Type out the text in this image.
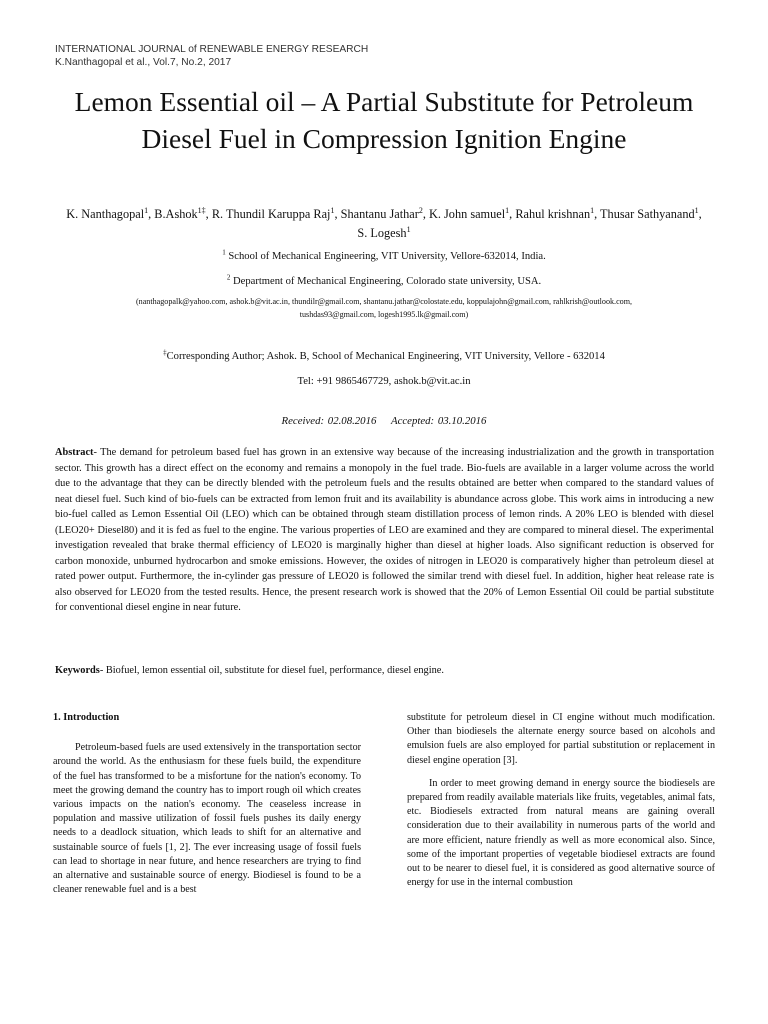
INTERNATIONAL JOURNAL of RENEWABLE ENERGY RESEARCH
K.Nanthagopal et al., Vol.7, No.2, 2017
Lemon Essential oil – A Partial Substitute for Petroleum Diesel Fuel in Compression Ignition Engine
K. Nanthagopal$^1$, B.Ashok$^{1\ddagger}$, R. Thundil Karuppa Raj$^1$, Shantanu Jathar$^2$, K. John samuel$^1$, Rahul krishnan$^1$, Thusar Sathyanand$^1$, S. Logesh$^1$
$^1$ School of Mechanical Engineering, VIT University, Vellore-632014, India.
$^2$ Department of Mechanical Engineering, Colorado state university, USA.
(nanthagopalk@yahoo.com, ashok.b@vit.ac.in, thundilr@gmail.com, shantanu.jathar@colostate.edu, koppulajohn@gmail.com, rahlkrish@outlook.com,
tushdas93@gmail.com, logesh1995.lk@gmail.com)
‡Corresponding Author; Ashok. B, School of Mechanical Engineering, VIT University, Vellore - 632014
Tel: +91 9865467729, ashok.b@vit.ac.in
Received: 02.08.2016 Accepted: 03.10.2016

Abstract- The demand for petroleum based fuel has grown in an extensive way because of the increasing industrialization and the growth in transportation sector. This growth has a direct effect on the economy and remains a monopoly in the fuel trade. Bio-fuels are available in a larger volume across the world due to the advantage that they can be directly blended with the petroleum fuels and the results obtained are better when compared to the standard values of neat diesel fuel. Such kind of bio-fuels can be extracted from lemon fruit and its availability is abundance across globe. This work aims in introducing a new bio-fuel called as Lemon Essential Oil (LEO) which can be obtained through steam distillation process of lemon rinds. A 20% LEO is blended with diesel (LEO20+ Diesel80) and it is fed as fuel to the engine. The various properties of LEO are examined and they are compared to mineral diesel. The experimental investigation revealed that brake thermal efficiency of LEO20 is marginally higher than diesel at higher loads. Also significant reduction is observed for carbon monoxide, unburned hydrocarbon and smoke emissions. However, the oxides of nitrogen in LEO20 is comparatively higher than petroleum diesel at rated power output. Furthermore, the in-cylinder gas pressure of LEO20 is followed the similar trend with diesel fuel. In addition, higher heat release rate is also observed for LEO20 from the tested results. Hence, the present research work is showed that the 20% of Lemon Essential Oil could be partial substitute for conventional diesel engine in near future.

Keywords- Biofuel, lemon essential oil, substitute for diesel fuel, performance, diesel engine.

1. Introduction

Petroleum-based fuels are used extensively in the transportation sector around the world. As the enthusiasm for these fuels build, the expenditure of the fuel has transformed to be a misfortune for the nation's economy. To meet the growing demand the country has to import rough oil which creates various impacts on the nation's economy. The ceaseless increase in population and massive utilization of fossil fuels pushes its daily energy needs to a deadlock situation, which leads to shift for an alternative and sustainable source of fuels [1, 2]. The ever increasing usage of fossil fuels can lead to shortage in near future, and hence researchers are trying to find an alternative and sustainable source of energy. Biodiesel is found to be a cleaner renewable fuel and is a best

substitute for petroleum diesel in CI engine without much modification. Other than biodiesels the alternate energy source based on alcohols and emulsion fuels are also employed for partial substitution or replacement in diesel engine operation [3].

In order to meet growing demand in energy source the biodiesels are prepared from readily available materials like fruits, vegetables, animal fats, etc. Biodiesels extracted from natural means are gaining overall consideration due to their availability in numerous parts of the world and are more efficient, nature friendly as well as more economical also. Since, some of the important properties of vegetable biodiesel extracts are found out to be nearer to diesel fuel, it is considered as good alternative source of energy for use in the internal combustion
